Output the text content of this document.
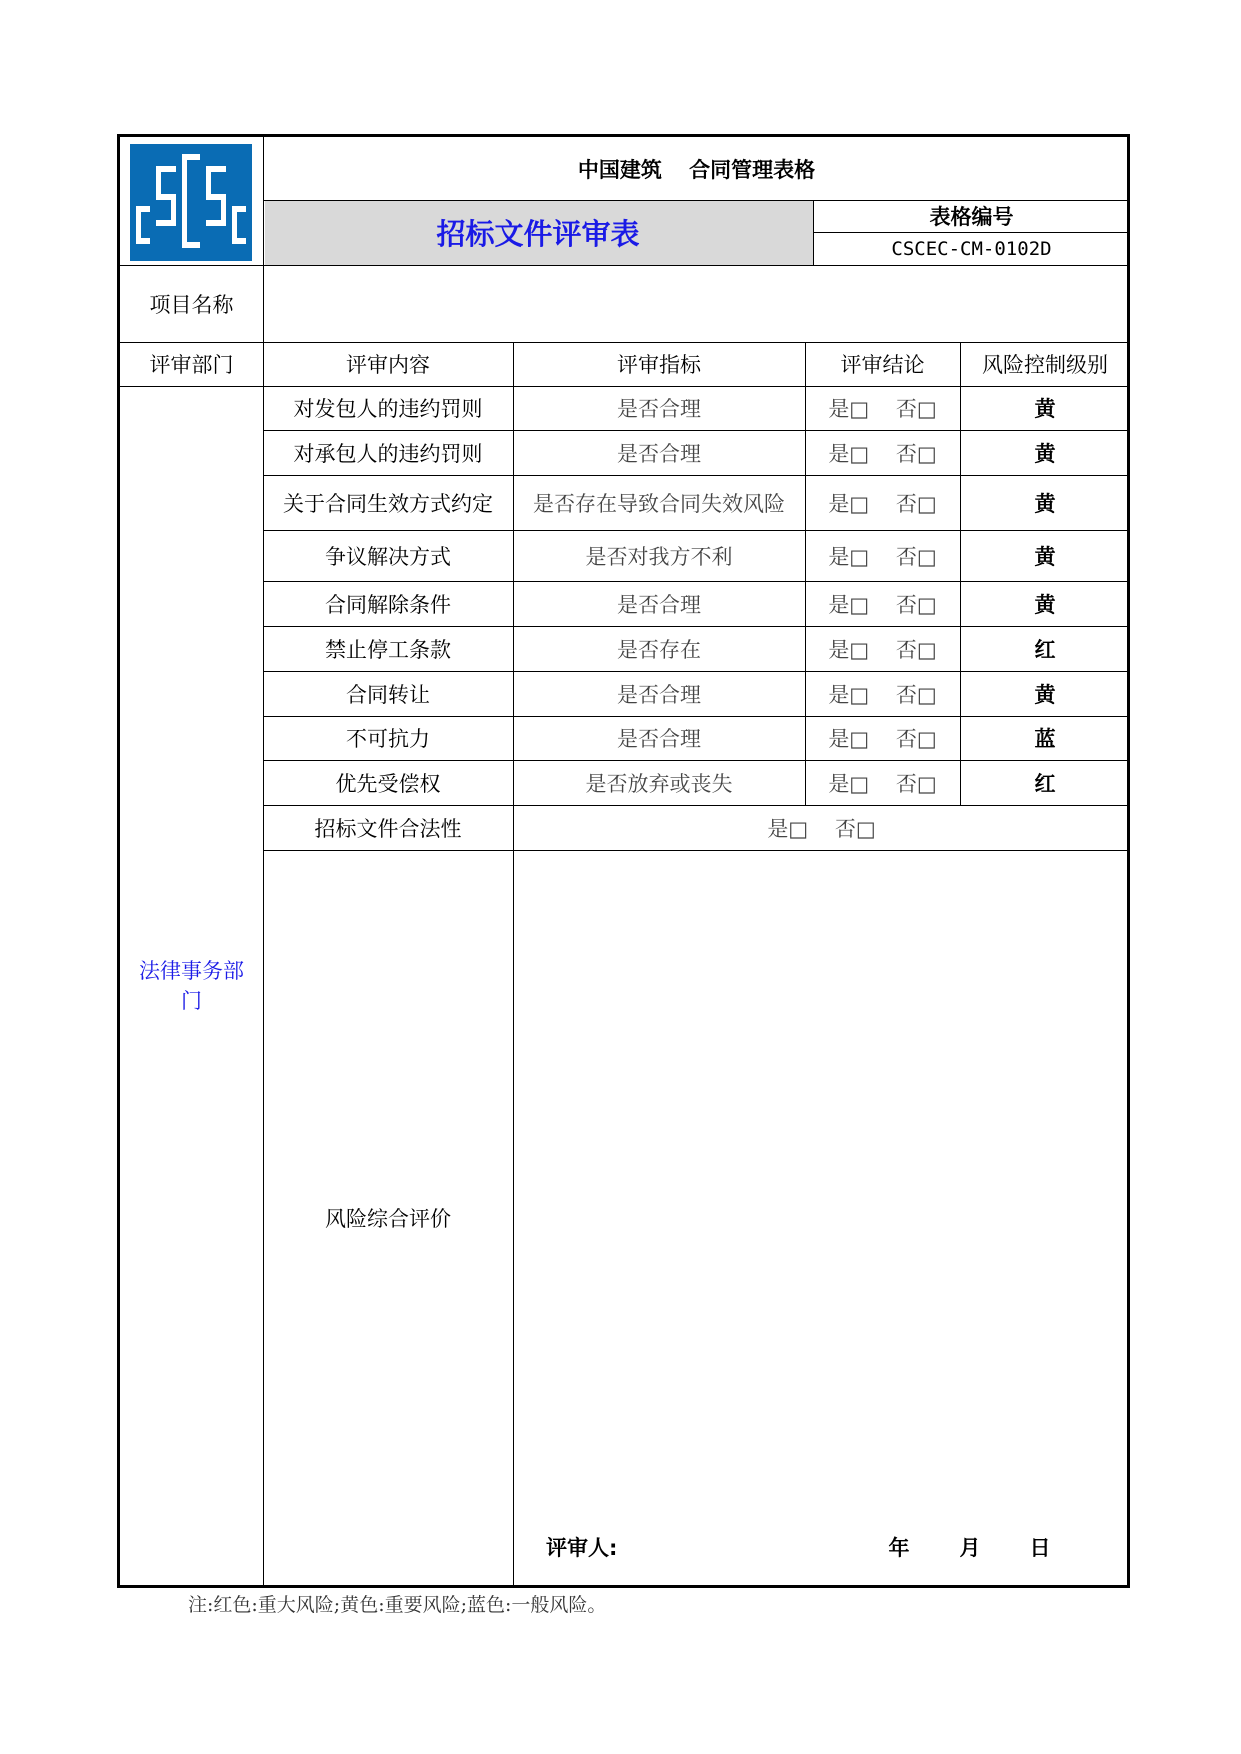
中国建筑 合同管理表格
招标文件评审表	表格编号
CSCEC-CM-0102D
项目名称
评审部门	评审内容	评审指标	评审结论	风险控制级别
法律事务部门
对发包人的违约罚则	是否合理	是□ 否□	黄
对承包人的违约罚则	是否合理	是□ 否□	黄
关于合同生效方式约定	是否存在导致合同失效风险	是□ 否□	黄
争议解决方式	是否对我方不利	是□ 否□	黄
合同解除条件	是否合理	是□ 否□	黄
禁止停工条款	是否存在	是□ 否□	红
合同转让	是否合理	是□ 否□	黄
不可抗力	是否合理	是□ 否□	蓝
优先受偿权	是否放弃或丧失	是□ 否□	红
招标文件合法性	是□ 否□
风险综合评价
评审人:	年 月 日
注:红色:重大风险;黄色:重要风险;蓝色:一般风险。
